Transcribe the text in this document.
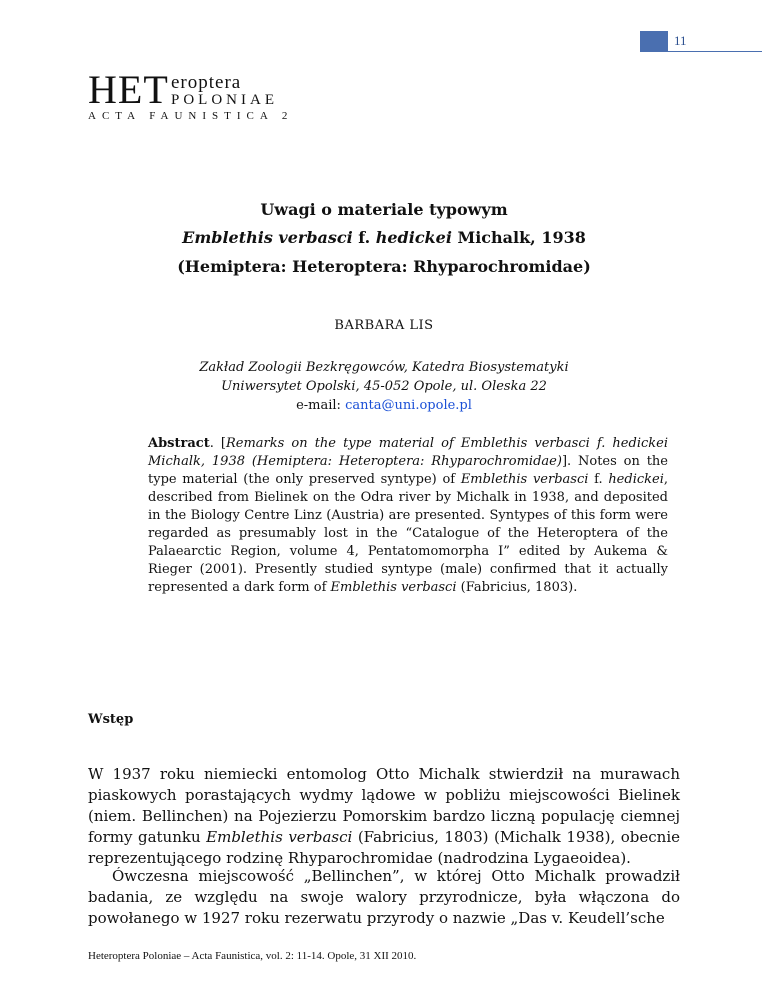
11
HET eroptera
POLONIAE
ACTA FAUNISTICA 2
Uwagi o materiale typowym
Emblethis verbasci f. hedickei Michalk, 1938
(Hemiptera: Heteroptera: Rhyparochromidae)
BARBARA LIS
Zakład Zoologii Bezkręgowców, Katedra Biosystematyki
Uniwersytet Opolski, 45-052 Opole, ul. Oleska 22
e-mail: canta@uni.opole.pl
Abstract. [Remarks on the type material of Emblethis verbasci f. hedickei Michalk, 1938 (Hemiptera: Heteroptera: Rhyparochromidae)]. Notes on the type material (the only preserved syntype) of Emblethis verbasci f. hedickei, described from Bielinek on the Odra river by Michalk in 1938, and deposited in the Biology Centre Linz (Austria) are presented. Syntypes of this form were regarded as presumably lost in the “Catalogue of the Heteroptera of the Palaearctic Region, volume 4, Pentatomomorpha I” edited by Aukema & Rieger (2001). Presently studied syntype (male) confirmed that it actually represented a dark form of Emblethis verbasci (Fabricius, 1803).
Wstęp
W 1937 roku niemiecki entomolog Otto Michalk stwierdził na murawach piaskowych porastających wydmy lądowe w pobliżu miejscowości Bielinek (niem. Bellinchen) na Pojezierzu Pomorskim bardzo liczną populację ciemnej formy gatunku Emblethis verbasci (Fabricius, 1803) (Michalk 1938), obecnie reprezentującego rodzinę Rhyparochromidae (nadrodzina Lygaeoidea).
Ówczesna miejscowość „Bellinchen”, w której Otto Michalk prowadził badania, ze względu na swoje walory przyrodnicze, była włączona do powołanego w 1927 roku rezerwatu przyrody o nazwie „Das v. Keudell’sche
Heteroptera Poloniae – Acta Faunistica, vol. 2: 11-14. Opole, 31 XII 2010.
